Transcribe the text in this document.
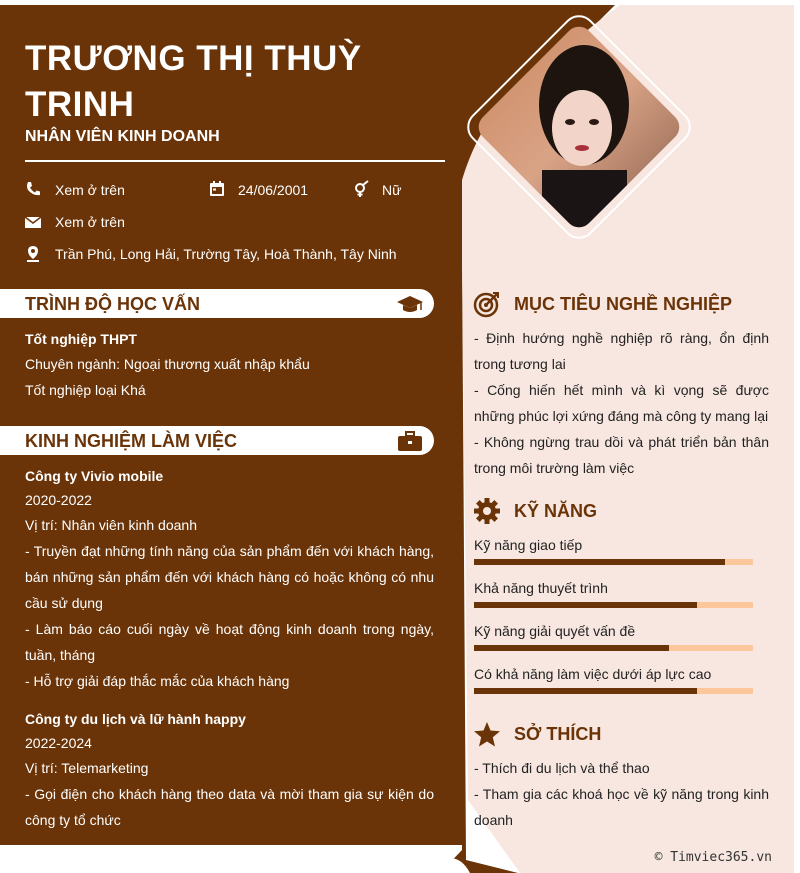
TRƯƠNG THỊ THUỲ TRINH
NHÂN VIÊN KINH DOANH
Xem ở trên	24/06/2001	Nữ
Xem ở trên
Trần Phú, Long Hải, Trường Tây, Hoà Thành, Tây Ninh
TRÌNH ĐỘ HỌC VẤN
Tốt nghiệp THPT
Chuyên ngành: Ngoại thương xuất nhập khẩu
Tốt nghiệp loại Khá
KINH NGHIỆM LÀM VIỆC
Công ty Vivio mobile
2020-2022
Vị trí: Nhân viên kinh doanh
- Truyền đạt những tính năng của sản phẩm đến với khách hàng, bán những sản phẩm đến với khách hàng có hoặc không có nhu cầu sử dụng
- Làm báo cáo cuối ngày về hoạt động kinh doanh trong ngày, tuần, tháng
- Hỗ trợ giải đáp thắc mắc của khách hàng
Công ty du lịch và lữ hành happy
2022-2024
Vị trí: Telemarketing
- Gọi điện cho khách hàng theo data và mời tham gia sự kiện do công ty tổ chức
MỤC TIÊU NGHỀ NGHIỆP
- Định hướng nghề nghiệp rõ ràng, ổn định trong tương lai
- Cống hiến hết mình và kì vọng sẽ được những phúc lợi xứng đáng mà công ty mang lại
- Không ngừng trau dồi và phát triển bản thân trong môi trường làm việc
KỸ NĂNG
Kỹ năng giao tiếp
Khả năng thuyết trình
Kỹ năng giải quyết vấn đề
Có khả năng làm việc dưới áp lực cao
SỞ THÍCH
- Thích đi du lịch và thể thao
- Tham gia các khoá học về kỹ năng trong kinh doanh
© Timviec365.vn
